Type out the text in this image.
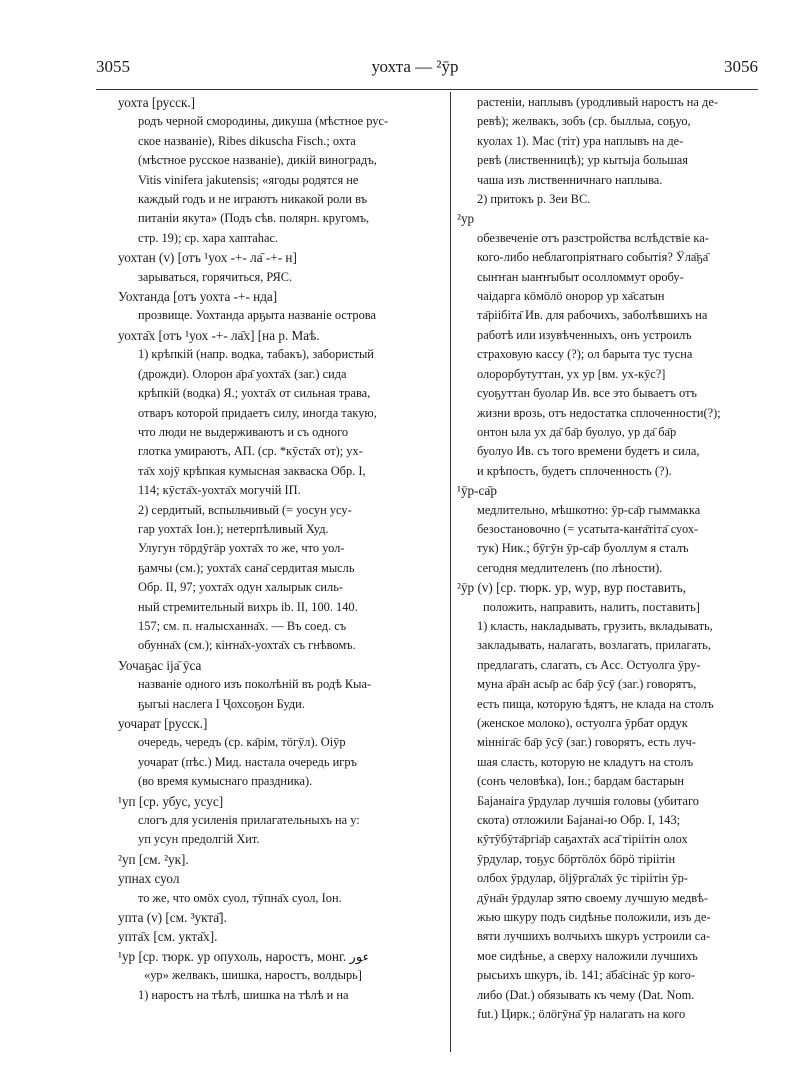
3055	уохта — ²ӯр	3056

уохта [русск.]

родъ черной смородины, дикуша (мѣстное рус-

ское названіе), Ribes dikuscha Fisch.; охта

(мѣстное русское названіе), дикій виноградъ,

Vitis vinifera jakutensis; «ягоды родятся не

каждый годъ и не играютъ никакой роли въ

питаніи якута» (Подъ сѣв. полярн. кругомъ,

стр. 19); ср. хара хаптаһас.

уохтан (v) [отъ ¹уох -+- ла̄ -+- н]

зарываться, горячиться, РЯС.

Уохтанда [отъ уохта -+- нда]

прозвище. Уохтанда арҕыта названіе острова

уохта̄х [отъ ¹уох -+- ла̄х] [на р. Маѣ.

1) крѣпкій (напр. водка, табакъ), забористый

(дрожди). Олорон а̄ра̄ уохта̄х (заг.) сида

крѣпкій (водка) Я.; уохта̄х от сильная трава,

отваръ которой придаетъ силу, иногда такую,

что люди не выдерживаютъ и съ одного

глотка умираютъ, АП. (ср. *кӯста̄х от); ух-

та̄х хоjӯ крѣпкая кумысная закваска Обр. I,

114; кӯста̄х-уохта̄х могучій IП.

2) сердитый, вспыльчивый (= уосун усу-

гар уохта̄х Іон.); нетерпѣливый Худ.

Улугун тӧрдӯгӓр уохта̄х то же, что уол-

ҕамчы (см.); уохта̄х сана̄ сердитая мысль

Обр. II, 97; уохта̄х одун халырык силь-

ный стремительный вихрь ib. II, 100. 140.

157; см. п. ҥалысханна̄х. — Въ соед. съ

обунна̄х (см.); кіҥна̄х-уохта̄х съ гнѣвомъ.

Уочаҕас іjа̄ ӯса

названіе одного изъ поколѣній въ родѣ Кыа-

ҕыгыі наслега I Ҷохсоҕон Буди.

уочарат [русск.]

очередь, чередъ (ср. ка̄рім, тӧгӯл). Оіӯр

уочарат (пѣс.) Мид. настала очередь игръ

(во время кумыснаго праздника).

¹уп [ср. убус, усус]

слогъ для усиленія прилагательныхъ на у:

уп усун предолгій Хит.

²уп [см. ²ук].

упнах суол

то же, что омӧх суол, тӯпна̄х суол, Іон.

упта (v) [см. ³укта̄].

упта̄х [см. укта̄х].

¹ур [ср. тюрк. ур опухоль, наростъ, монг. ‎ﺀﻮﺭ

«ур» желвакъ, шишка, наростъ, волдырь]

1) наростъ на тѣлѣ, шишка на тѣлѣ и на

растеніи, наплывъ (уродливый наростъ на де-

ревѣ); желвакъ, зобъ (ср. быллыа, соҕуо,

куолах 1). Мас (тіт) ура наплывъ на де-

ревѣ (лиственницѣ); ур кытыjа большая

чаша изъ лиственничнаго наплыва.

2) притокъ р. Зеи ВС.

²ур

обезвеченіе отъ разстройства вслѣдствіе ка-

кого-либо неблагопріятнаго событія? Ӱла̄ҕа̄

сыҥҥан ыаҥҥыбыт осолломмут оробу-

чаідарга кӧмӧлӧ онорор ур ха̄сатын

та̄ріібіта̄ Ив. для рабочихъ, заболѣвшихъ на

работѣ или изувѣченныхъ, онъ устроилъ

страховую кассу (?); ол барыта тус тусна

олорорбутуттан, ух ур [вм. ух-кӯс?]

суоҕуттан буолар Ив. все это бываетъ отъ

жизни врозь, отъ недостатка сплоченности(?);

онтон ыла ух да̄ ба̄р буолуо, ур да̄ ба̄р

буолуо Ив. съ того времени будетъ и сила,

и крѣпость, будетъ сплоченность (?).

¹ӯр-са̄р

медлительно, мѣшкотно: ӯр-са̄р гыммакка

безостановочно (= усатыта-каҥа̄тіта̄ суох-

тук) Ник.; бӯгӯн ӯр-са̄р буоллум я сталъ

сегодня медлителенъ (по лѣности).

²ӯр (v) [ср. тюрк. ур, wyp, вур поставить,

положить, направить, налить, поставить]

1) класть, накладывать, грузить, вкладывать,

закладывать, налагать, возлагать, прилагать,

предлагать, слагать, съ Acc. Остуолга ӯру-

муна а̄ра̄н асы̄р ас ба̄р ӯсӯ (заг.) говорятъ,

есть пища, которую ѣдятъ, не клада на столъ

(женское молоко), остуолга ӯрбат ордук

мінніга̄с ба̄р ӯсӯ (заг.) говорятъ, есть луч-

шая сласть, которую не кладутъ на столъ

(сонъ человѣка), Іон.; бардам бастарын

Баjанаіга ӯрдулар лучшія головы (убитаго

скота) отложили Баjанаі-ю Обр. I, 143;

кӯтӯбӯта̄ргіа̄р саҕахта̄х аса̄ тіріітін олох

ӯрдулар, тоҕус бӧртӧлӧх бӧрӧ тіріітін

олбох ӯрдулар, ӧljӯрга̄ла̄х ӯс тіріітін ӯр-

дӯна̄н ӯрдулар зятю своему лучшую медвѣ-

жью шкуру подъ сидѣнье положили, изъ де-

вяти лучшихъ волчьихъ шкуръ устроили са-

мое сидѣнье, а сверху наложили лучшихъ

рысьихъ шкуръ, ib. 141; а̄ба̄сіна̄с ӯр кого-

либо (Dat.) обязывать къ чему (Dat. Nom.

fut.) Цирк.; ӧлӧгӯна̄ ӯр налагать на кого
